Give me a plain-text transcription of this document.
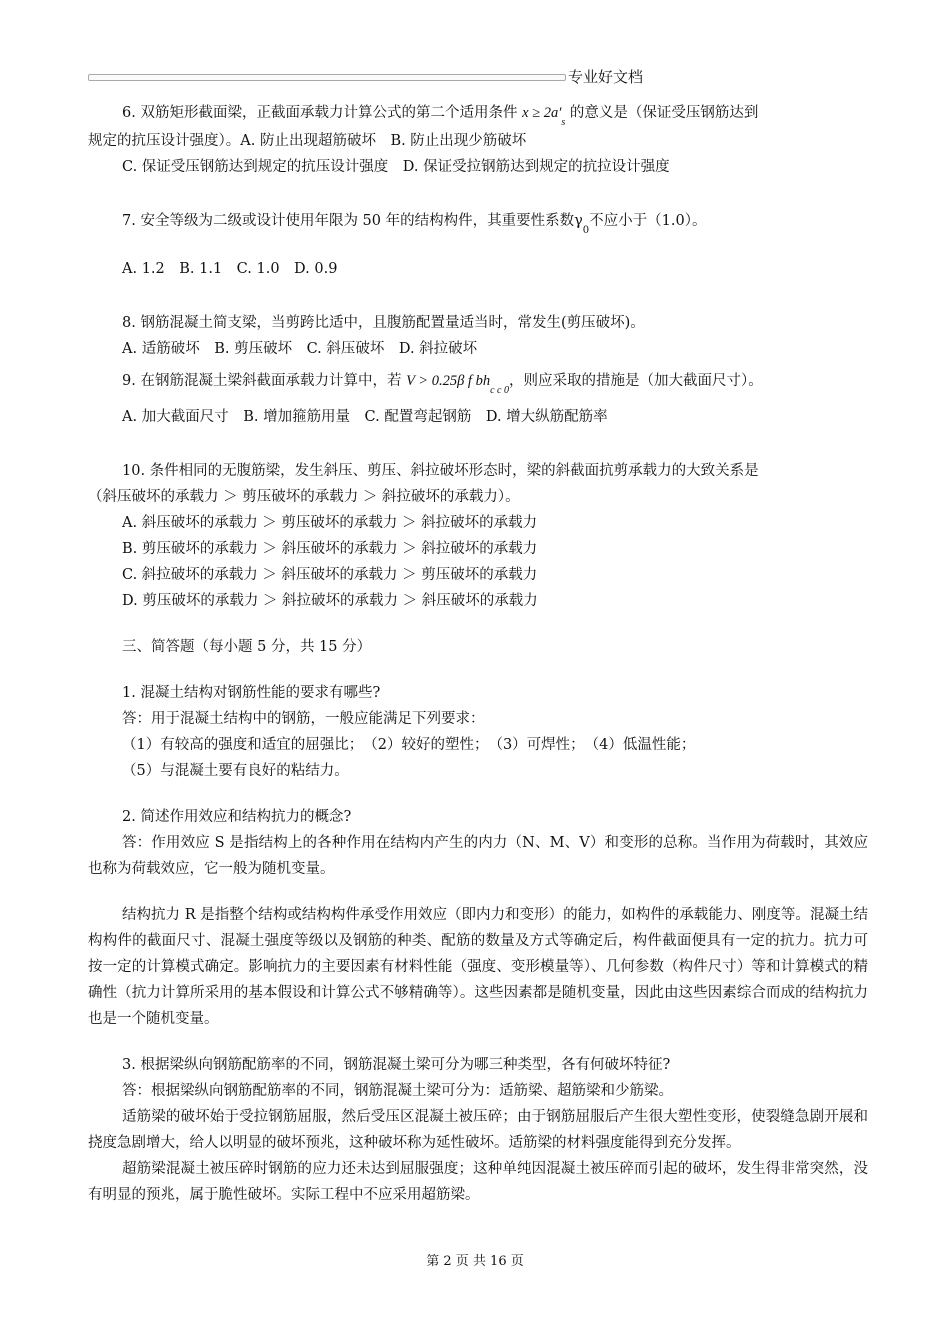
专业好文档

6. 双筋矩形截面梁，正截面承载力计算公式的第二个适用条件 $x \ge 2a'_s$ 的意义是（保证受压钢筋达到

规定的抗压设计强度）。A. 防止出现超筋破坏　B. 防止出现少筋破坏

C. 保证受压钢筋达到规定的抗压设计强度　D. 保证受拉钢筋达到规定的抗拉设计强度

7. 安全等级为二级或设计使用年限为 50 年的结构构件，其重要性系数$\gamma_0$不应小于（1.0）。

A. 1.2　B. 1.1　C. 1.0　D. 0.9

8. 钢筋混凝土简支梁，当剪跨比适中，且腹筋配置量适当时，常发生(剪压破坏)。

A. 适筋破坏　B. 剪压破坏　C. 斜压破坏　D. 斜拉破坏

9. 在钢筋混凝土梁斜截面承载力计算中，若 V > 0.25β f $bh_{c c 0}$，则应采取的措施是（加大截面尺寸）。

A. 加大截面尺寸　B. 增加箍筋用量　C. 配置弯起钢筋　D. 增大纵筋配筋率

10. 条件相同的无腹筋梁，发生斜压、剪压、斜拉破坏形态时，梁的斜截面抗剪承载力的大致关系是

（斜压破坏的承载力 ＞ 剪压破坏的承载力 ＞ 斜拉破坏的承载力）。

A. 斜压破坏的承载力 ＞ 剪压破坏的承载力 ＞ 斜拉破坏的承载力

B. 剪压破坏的承载力 ＞ 斜压破坏的承载力 ＞ 斜拉破坏的承载力

C. 斜拉破坏的承载力 ＞ 斜压破坏的承载力 ＞ 剪压破坏的承载力

D. 剪压破坏的承载力 ＞ 斜拉破坏的承载力 ＞ 斜压破坏的承载力

三、简答题（每小题 5 分，共 15 分）

1. 混凝土结构对钢筋性能的要求有哪些?

答：用于混凝土结构中的钢筋，一般应能满足下列要求：

（1）有较高的强度和适宜的屈强比；　（2）较好的塑性；　（3）可焊性；　（4）低温性能；

（5）与混凝土要有良好的粘结力。

2. 简述作用效应和结构抗力的概念?

答：作用效应 S 是指结构上的各种作用在结构内产生的内力（N、M、V）和变形的总称。当作用为荷载时，其效应也称为荷载效应，它一般为随机变量。

结构抗力 R 是指整个结构或结构构件承受作用效应（即内力和变形）的能力，如构件的承载能力、刚度等。混凝土结构构件的截面尺寸、混凝土强度等级以及钢筋的种类、配筋的数量及方式等确定后，构件截面便具有一定的抗力。抗力可按一定的计算模式确定。影响抗力的主要因素有材料性能（强度、变形模量等）、几何参数（构件尺寸）等和计算模式的精确性（抗力计算所采用的基本假设和计算公式不够精确等）。这些因素都是随机变量，因此由这些因素综合而成的结构抗力也是一个随机变量。

3. 根据梁纵向钢筋配筋率的不同，钢筋混凝土梁可分为哪三种类型，各有何破坏特征?

答：根据梁纵向钢筋配筋率的不同，钢筋混凝土梁可分为：适筋梁、超筋梁和少筋梁。

适筋梁的破坏始于受拉钢筋屈服，然后受压区混凝土被压碎；由于钢筋屈服后产生很大塑性变形，使裂缝急剧开展和挠度急剧增大，给人以明显的破坏预兆，这种破坏称为延性破坏。适筋梁的材料强度能得到充分发挥。

超筋梁混凝土被压碎时钢筋的应力还未达到屈服强度；这种单纯因混凝土被压碎而引起的破坏，发生得非常突然，没有明显的预兆，属于脆性破坏。实际工程中不应采用超筋梁。

第 2 页 共 16 页
